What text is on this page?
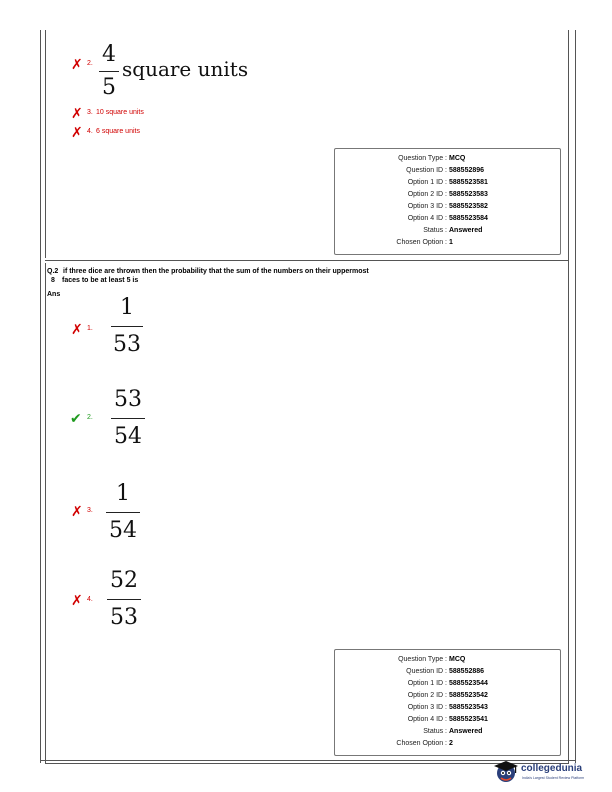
✗ 2. 4
5
square units
✗ 3. 10 square units
✗ 4. 6 square units
Question Type : MCQ
Question ID : 588552896
Option 1 ID : 5885523581
Option 2 ID : 5885523583
Option 3 ID : 5885523582
Option 4 ID : 5885523584
Status : Answered
Chosen Option : 1
Q.2 if three dice are thrown then the probability that the sum of the numbers on their uppermost
8 faces to be at least 5 is
Ans
✗ 1.
1
53
✔ 2.
53
54
✗ 3.
1
54
✗ 4.
52
53
Question Type : MCQ
Question ID : 588552886
Option 1 ID : 5885523544
Option 2 ID : 5885523542
Option 3 ID : 5885523543
Option 4 ID : 5885523541
Status : Answered
Chosen Option : 2
collegedunia
India's Largest Student Review Platform
